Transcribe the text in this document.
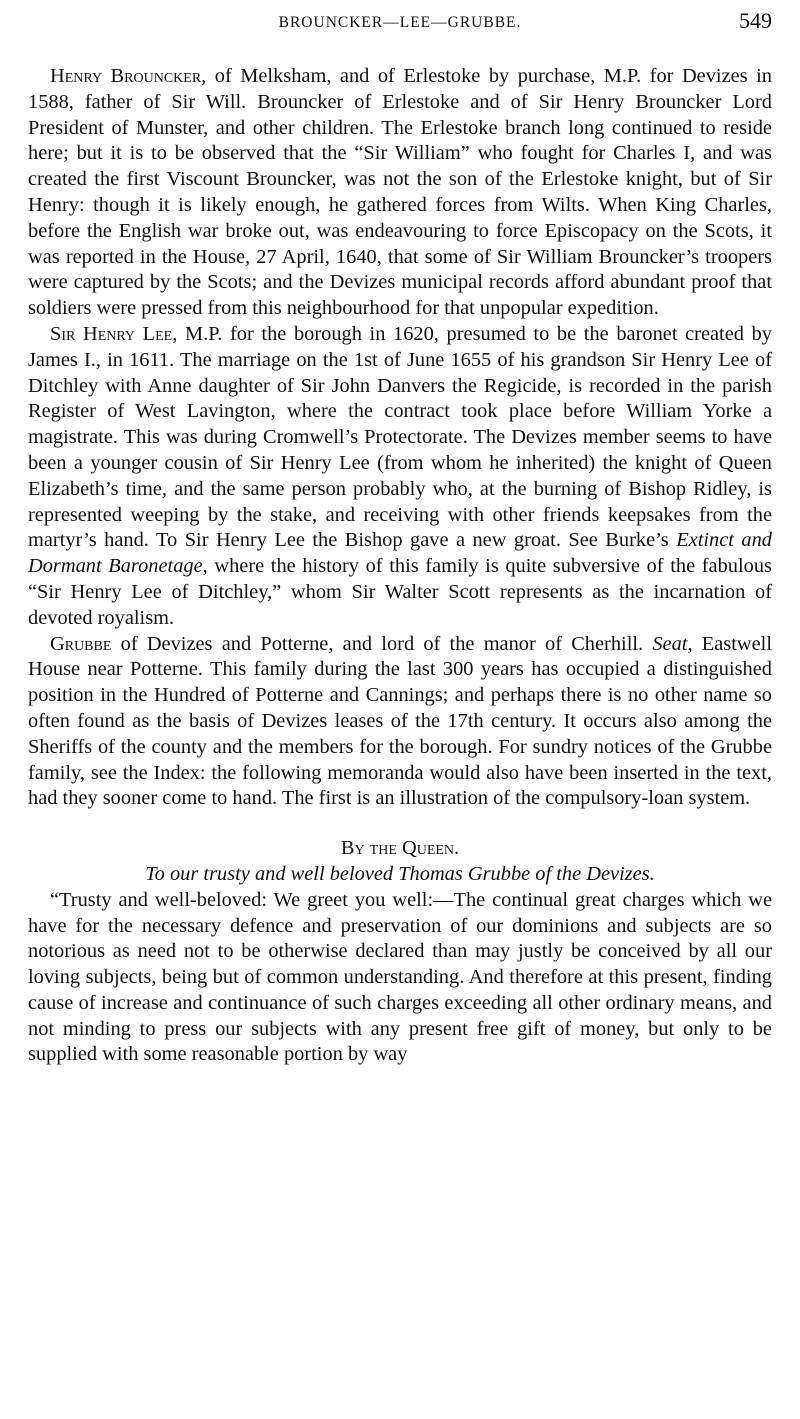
BROUNCKER—LEE—GRUBBE.	549

Henry Brouncker, of Melksham, and of Erlestoke by purchase, M.P. for Devizes in 1588, father of Sir Will. Brouncker of Erlestoke and of Sir Henry Brouncker Lord President of Munster, and other children. The Erlestoke branch long continued to reside here; but it is to be observed that the “Sir William” who fought for Charles I, and was created the first Viscount Brouncker, was not the son of the Erlestoke knight, but of Sir Henry: though it is likely enough, he gathered forces from Wilts. When King Charles, before the English war broke out, was endeavouring to force Episcopacy on the Scots, it was reported in the House, 27 April, 1640, that some of Sir William Brouncker’s troopers were captured by the Scots; and the Devizes municipal records afford abundant proof that soldiers were pressed from this neighbourhood for that unpopular expedition.

Sir Henry Lee, M.P. for the borough in 1620, presumed to be the baronet created by James I., in 1611. The marriage on the 1st of June 1655 of his grandson Sir Henry Lee of Ditchley with Anne daughter of Sir John Danvers the Regicide, is recorded in the parish Register of West Lavington, where the contract took place before William Yorke a magistrate. This was during Cromwell’s Protectorate. The Devizes member seems to have been a younger cousin of Sir Henry Lee (from whom he inherited) the knight of Queen Elizabeth’s time, and the same person probably who, at the burning of Bishop Ridley, is represented weeping by the stake, and receiving with other friends keepsakes from the martyr’s hand. To Sir Henry Lee the Bishop gave a new groat. See Burke’s Extinct and Dormant Baronetage, where the history of this family is quite subversive of the fabulous “Sir Henry Lee of Ditchley,” whom Sir Walter Scott represents as the incarnation of devoted royalism.

Grubbe of Devizes and Potterne, and lord of the manor of Cherhill. Seat, Eastwell House near Potterne. This family during the last 300 years has occupied a distinguished position in the Hundred of Potterne and Cannings; and perhaps there is no other name so often found as the basis of Devizes leases of the 17th century. It occurs also among the Sheriffs of the county and the members for the borough. For sundry notices of the Grubbe family, see the Index: the following memoranda would also have been inserted in the text, had they sooner come to hand. The first is an illustration of the compulsory-loan system.

By the Queen.

To our trusty and well beloved Thomas Grubbe of the Devizes.

“Trusty and well-beloved: We greet you well:—The continual great charges which we have for the necessary defence and preservation of our dominions and subjects are so notorious as need not to be otherwise declared than may justly be conceived by all our loving subjects, being but of common understanding. And therefore at this present, finding cause of increase and continuance of such charges exceeding all other ordinary means, and not minding to press our subjects with any present free gift of money, but only to be supplied with some reasonable portion by way
